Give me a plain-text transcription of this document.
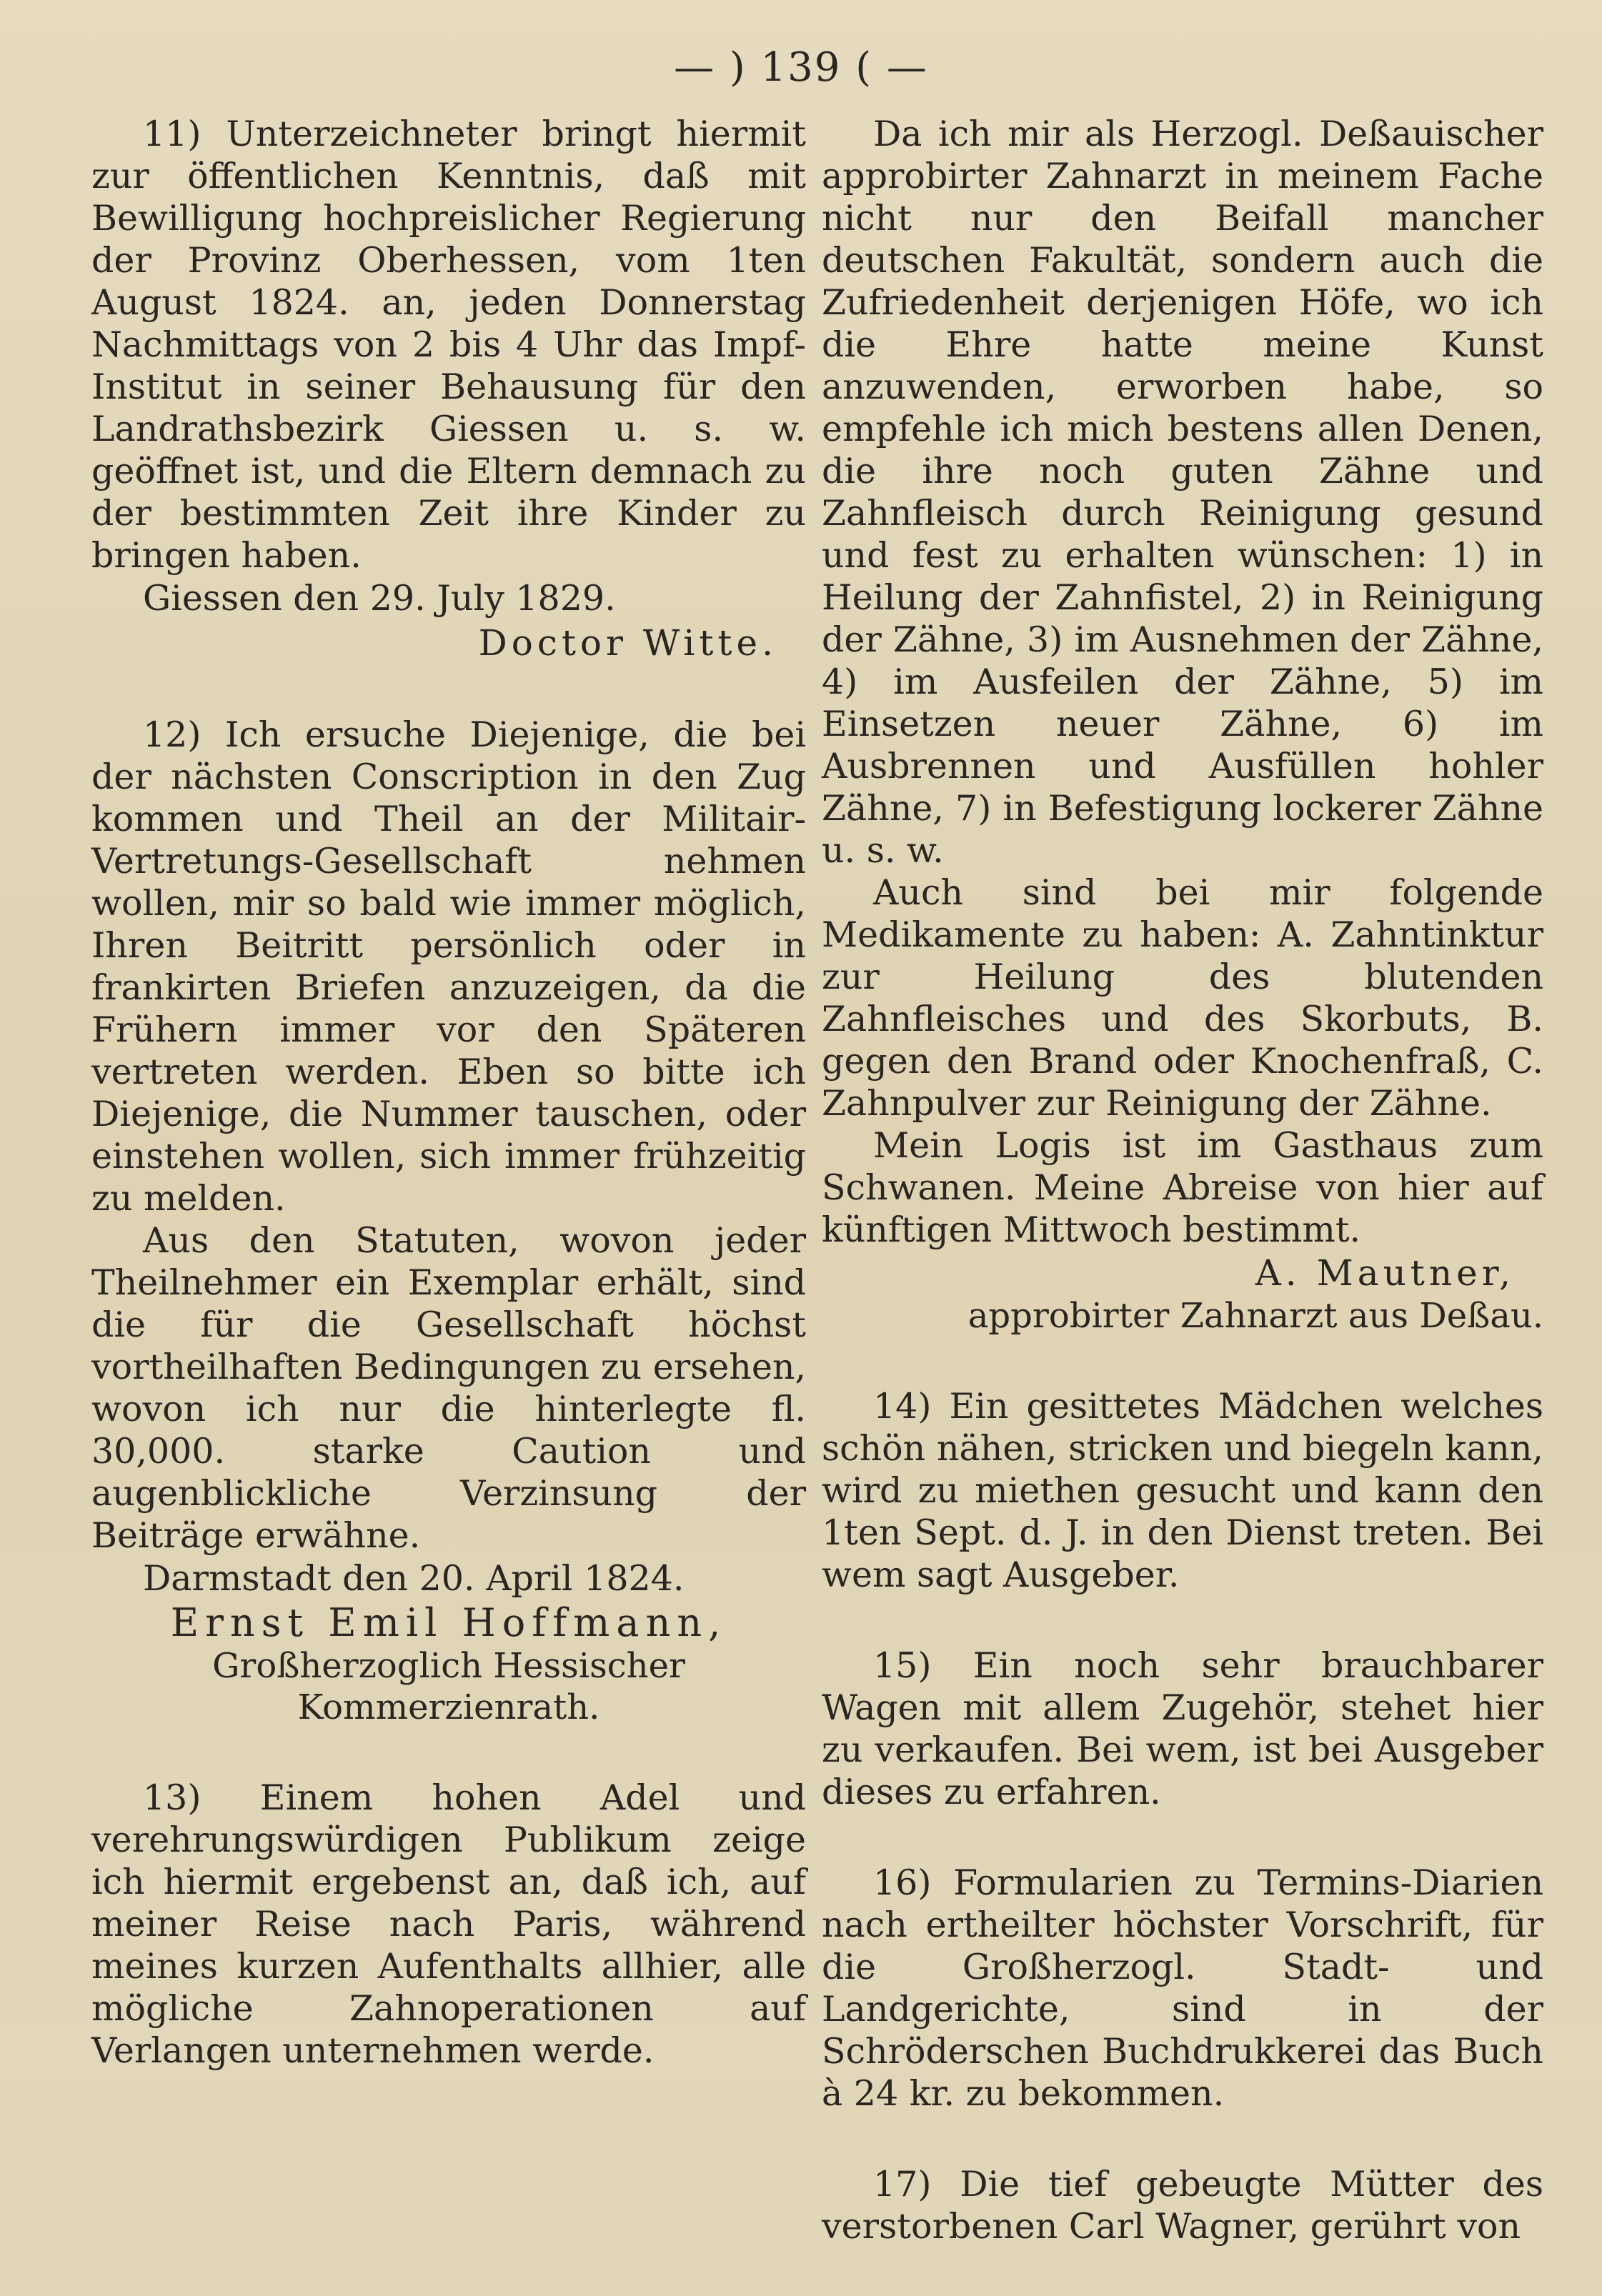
— ) 139 ( —

11) Unterzeichneter bringt hiermit zur öffentlichen Kenntnis, daß mit Bewilligung hochpreislicher Regierung der Provinz Oberhessen, vom 1ten August 1824. an, jeden Donnerstag Nachmittags von 2 bis 4 Uhr das Impf-Institut in seiner Behausung für den Landrathsbezirk Giessen u. s. w. geöffnet ist, und die Eltern demnach zu der bestimmten Zeit ihre Kinder zu bringen haben.

Giessen den 29. July 1829.

Doctor Witte.

12) Ich ersuche Diejenige, die bei der nächsten Conscription in den Zug kommen und Theil an der Militair-Vertretungs-Gesellschaft nehmen wollen, mir so bald wie immer möglich, Ihren Beitritt persönlich oder in frankirten Briefen anzuzeigen, da die Frühern immer vor den Späteren vertreten werden. Eben so bitte ich Diejenige, die Nummer tauschen, oder einstehen wollen, sich immer frühzeitig zu melden.

Aus den Statuten, wovon jeder Theilnehmer ein Exemplar erhält, sind die für die Gesellschaft höchst vortheilhaften Bedingungen zu ersehen, wovon ich nur die hinterlegte fl. 30,000. starke Caution und augenblickliche Verzinsung der Beiträge erwähne.

Darmstadt den 20. April 1824.

Ernst Emil Hoffmann,

Großherzoglich Hessischer

Kommerzienrath.

13) Einem hohen Adel und verehrungswürdigen Publikum zeige ich hiermit ergebenst an, daß ich, auf meiner Reise nach Paris, während meines kurzen Aufenthalts allhier, alle mögliche Zahnoperationen auf Verlangen unternehmen werde.

Da ich mir als Herzogl. Deßauischer approbirter Zahnarzt in meinem Fache nicht nur den Beifall mancher deutschen Fakultät, sondern auch die Zufriedenheit derjenigen Höfe, wo ich die Ehre hatte meine Kunst anzuwenden, erworben habe, so empfehle ich mich bestens allen Denen, die ihre noch guten Zähne und Zahnfleisch durch Reinigung gesund und fest zu erhalten wünschen: 1) in Heilung der Zahnfistel, 2) in Reinigung der Zähne, 3) im Ausnehmen der Zähne, 4) im Ausfeilen der Zähne, 5) im Einsetzen neuer Zähne, 6) im Ausbrennen und Ausfüllen hohler Zähne, 7) in Befestigung lockerer Zähne u. s. w.

Auch sind bei mir folgende Medikamente zu haben: A. Zahntinktur zur Heilung des blutenden Zahnfleisches und des Skorbuts, B. gegen den Brand oder Knochenfraß, C. Zahnpulver zur Reinigung der Zähne.

Mein Logis ist im Gasthaus zum Schwanen. Meine Abreise von hier auf künftigen Mittwoch bestimmt.

A. Mautner,

approbirter Zahnarzt aus Deßau.

14) Ein gesittetes Mädchen welches schön nähen, stricken und biegeln kann, wird zu miethen gesucht und kann den 1ten Sept. d. J. in den Dienst treten. Bei wem sagt Ausgeber.

15) Ein noch sehr brauchbarer Wagen mit allem Zugehör, stehet hier zu verkaufen. Bei wem, ist bei Ausgeber dieses zu erfahren.

16) Formularien zu Termins-Diarien nach ertheilter höchster Vorschrift, für die Großherzogl. Stadt- und Landgerichte, sind in der Schröderschen Buchdrukkerei das Buch à 24 kr. zu bekommen.

17) Die tief gebeugte Mütter des verstorbenen Carl Wagner, gerührt von
